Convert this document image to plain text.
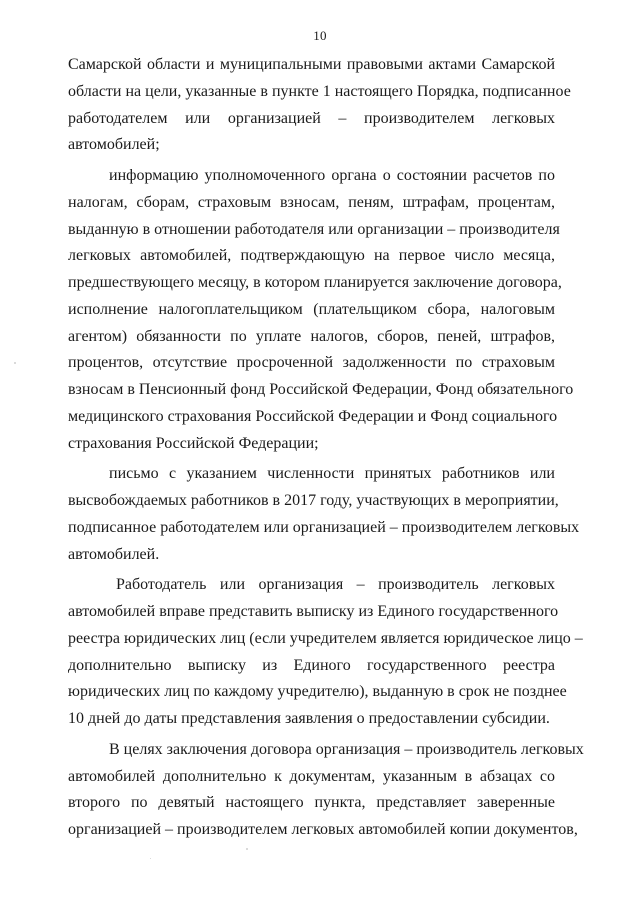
10
Самарской области и муниципальными правовыми актами Самарской
области на цели, указанные в пункте 1 настоящего Порядка, подписанное
работодателем или организацией – производителем легковых
автомобилей;
информацию уполномоченного органа о состоянии расчетов по
налогам, сборам, страховым взносам, пеням, штрафам, процентам,
выданную в отношении работодателя или организации – производителя
легковых автомобилей, подтверждающую на первое число месяца,
предшествующего месяцу, в котором планируется заключение договора,
исполнение налогоплательщиком (плательщиком сбора, налоговым
агентом) обязанности по уплате налогов, сборов, пеней, штрафов,
процентов, отсутствие просроченной задолженности по страховым
взносам в Пенсионный фонд Российской Федерации, Фонд обязательного
медицинского страхования Российской Федерации и Фонд социального
страхования Российской Федерации;
письмо с указанием численности принятых работников или
высвобождаемых работников в 2017 году, участвующих в мероприятии,
подписанное работодателем или организацией – производителем легковых
автомобилей.
Работодатель или организация – производитель легковых
автомобилей вправе представить выписку из Единого государственного
реестра юридических лиц (если учредителем является юридическое лицо –
дополнительно выписку из Единого государственного реестра
юридических лиц по каждому учредителю), выданную в срок не позднее
10 дней до даты представления заявления о предоставлении субсидии.
В целях заключения договора организация – производитель легковых
автомобилей дополнительно к документам, указанным в абзацах со
второго по девятый настоящего пункта, представляет заверенные
организацией – производителем легковых автомобилей копии документов,
